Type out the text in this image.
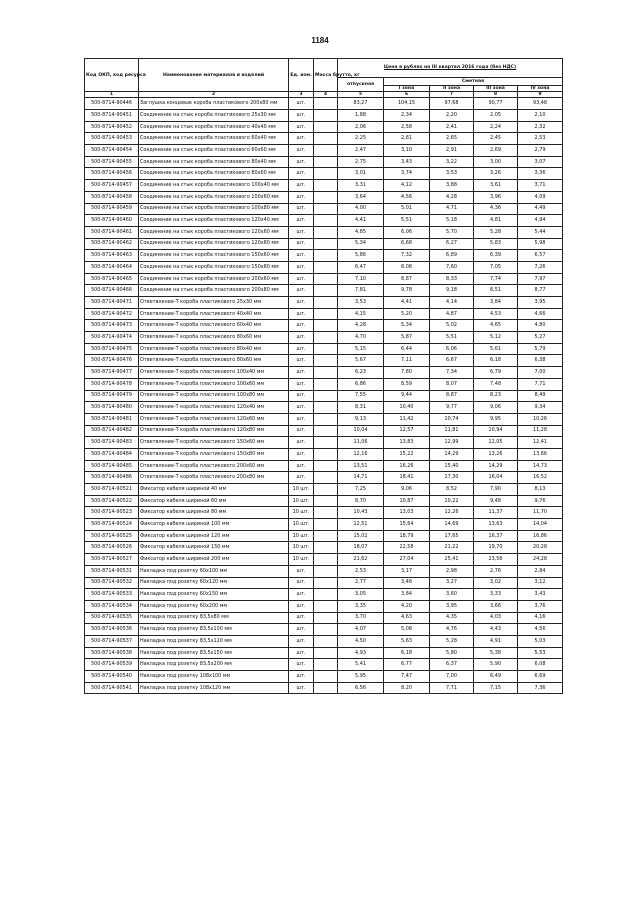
1184
Код ОКП, код ресурса	Наименование материалов и изделий	Ед. изм.	Масса брутто, кг	Цена в рублях на III квартал 2016 года (без НДС)				
				отпускная	Сметная			
					I зона	II зона	III зона	IV зона
1	2	3	4	5	6	7	8	9
500-8714-90446	Заглушка концевые короба пластикового 200х80 мм	шт.		83,27	104,15	97,68	90,77	93,48
500-8714-90451	Соединение на стык короба пластикового 25х30 мм	шт.		1,88	2,34	2,20	2,05	2,10
500-8714-90452	Соединение на стык короба пластикового 40х40 мм	шт.		2,06	2,58	2,41	2,24	2,32
500-8714-90453	Соединение на стык короба пластикового 60х40 мм	шт.		2,25	2,81	2,65	2,45	2,53
500-8714-90454	Соединение на стык короба пластикового 60х60 мм	шт.		2,47	3,10	2,91	2,69	2,79
500-8714-90455	Соединение на стык короба пластикового 80х40 мм	шт.		2,75	3,43	3,22	3,00	3,07
500-8714-90456	Соединение на стык короба пластикового 80х60 мм	шт.		3,01	3,74	3,53	3,26	3,36
500-8714-90457	Соединение на стык короба пластикового 100х40 мм	шт.		3,31	4,12	3,88	3,61	3,71
500-8714-90458	Соединение на стык короба пластикового 100х60 мм	шт.		3,64	4,56	4,28	3,96	4,09
500-8714-90459	Соединение на стык короба пластикового 100х80 мм	шт.		4,00	5,01	4,71	4,36	4,49
500-8714-90460	Соединение на стык короба пластикового 120х40 мм	шт.		4,41	5,51	5,18	4,81	4,94
500-8714-90461	Соединение на стык короба пластикового 120х60 мм	шт.		4,85	6,06	5,70	5,28	5,44
500-8714-90462	Соединение на стык короба пластикового 120х80 мм	шт.		5,34	6,68	6,27	5,83	5,98
500-8714-90463	Соединение на стык короба пластикового 150х60 мм	шт.		5,86	7,32	6,89	6,39	6,57
500-8714-90464	Соединение на стык короба пластикового 150х80 мм	шт.		6,47	8,08	7,60	7,05	7,26
500-8714-90465	Соединение на стык короба пластикового 200х60 мм	шт.		7,10	8,87	8,33	7,74	7,97
500-8714-90466	Соединение на стык короба пластикового 200х80 мм	шт.		7,81	9,78	9,18	8,51	8,77
500-8714-90471	Ответвление-Т короба пластикового 25х30 мм	шт.		3,53	4,41	4,14	3,84	3,95
500-8714-90472	Ответвление-Т короба пластикового 40х40 мм	шт.		4,15	5,20	4,87	4,53	4,66
500-8714-90473	Ответвление-Т короба пластикового 60х40 мм	шт.		4,28	5,34	5,02	4,65	4,80
500-8714-90474	Ответвление-Т короба пластикового 80х60 мм	шт.		4,70	5,87	5,51	5,12	5,27
500-8714-90475	Ответвление-Т короба пластикового 80х40 мм	шт.		5,15	6,44	6,06	5,61	5,79
500-8714-90476	Ответвление-Т короба пластикового 80х60 мм	шт.		5,67	7,11	6,67	6,18	6,38
500-8714-90477	Ответвление-Т короба пластикового 100х40 мм	шт.		6,23	7,80	7,34	6,79	7,00
500-8714-90478	Ответвление-Т короба пластикового 100х60 мм	шт.		6,86	8,59	8,07	7,48	7,71
500-8714-90479	Ответвление-Т короба пластикового 100х80 мм	шт.		7,55	9,44	8,87	8,23	8,49
500-8714-90480	Ответвление-Т короба пластикового 120х40 мм	шт.		8,31	10,40	9,77	9,06	9,34
500-8714-90481	Ответвление-Т короба пластикового 120х60 мм	шт.		9,13	11,42	10,74	9,95	10,26
500-8714-90482	Ответвление-Т короба пластикового 120х80 мм	шт.		10,04	12,57	11,81	10,94	11,28
500-8714-90483	Ответвление-Т короба пластикового 150х60 мм	шт.		11,06	13,83	12,99	12,05	12,41
500-8714-90484	Ответвление-Т короба пластикового 150х80 мм	шт.		12,16	15,22	14,29	13,26	13,66
500-8714-90485	Ответвление-Т короба пластикового 200х60 мм	шт.		13,51	16,26	15,40	14,29	14,73
500-8714-90486	Ответвление-Т короба пластикового 200х80 мм	шт.		14,71	18,41	17,30	16,04	16,52
500-8714-90521	Фиксатор кабеля шириной 40 мм	10 шт.		7,25	9,06	8,52	7,90	8,13
500-8714-90522	Фиксатор кабеля шириной 60 мм	10 шт.		8,70	10,87	10,22	9,48	9,76
500-8714-90523	Фиксатор кабеля шириной 80 мм	10 шт.		10,43	13,03	12,26	11,37	11,70
500-8714-90524	Фиксатор кабеля шириной 100 мм	10 шт.		12,51	15,64	14,69	13,63	14,04
500-8714-90525	Фиксатор кабеля шириной 120 мм	10 шт.		15,02	18,79	17,65	16,37	16,86
500-8714-90526	Фиксатор кабеля шириной 150 мм	10 шт.		18,07	22,58	21,22	19,70	20,28
500-8714-90527	Фиксатор кабеля шириной 200 мм	10 шт.		21,62	27,04	25,41	23,56	24,28
500-8714-90531	Накладка под розетку 60х100 мм	шт.		2,53	3,17	2,98	2,76	2,84
500-8714-90532	Накладка под розетку 60х120 мм	шт.		2,77	3,48	3,27	3,02	3,12
500-8714-90533	Накладка под розетку 60х150 мм	шт.		3,05	3,84	3,60	3,33	3,43
500-8714-90534	Накладка под розетку 60х200 мм	шт.		3,35	4,20	3,95	3,66	3,76
500-8714-90535	Накладка под розетку 83,5х80 мм	шт.		3,70	4,63	4,35	4,03	4,16
500-8714-90536	Накладка под розетку 83,5х100 мм	шт.		4,07	5,08	4,76	4,43	4,56
500-8714-90537	Накладка под розетку 83,5х120 мм	шт.		4,50	5,63	5,28	4,91	5,03
500-8714-90538	Накладка под розетку 83,5х150 мм	шт.		4,93	6,18	5,80	5,38	5,53
500-8714-90539	Накладка под розетку 83,5х200 мм	шт.		5,41	6,77	6,37	5,90	6,08
500-8714-90540	Накладка под розетку 108х100 мм	шт.		5,95	7,47	7,00	6,49	6,69
500-8714-90541	Накладка под розетку 108х120 мм	шт.		6,56	8,20	7,71	7,15	7,36
